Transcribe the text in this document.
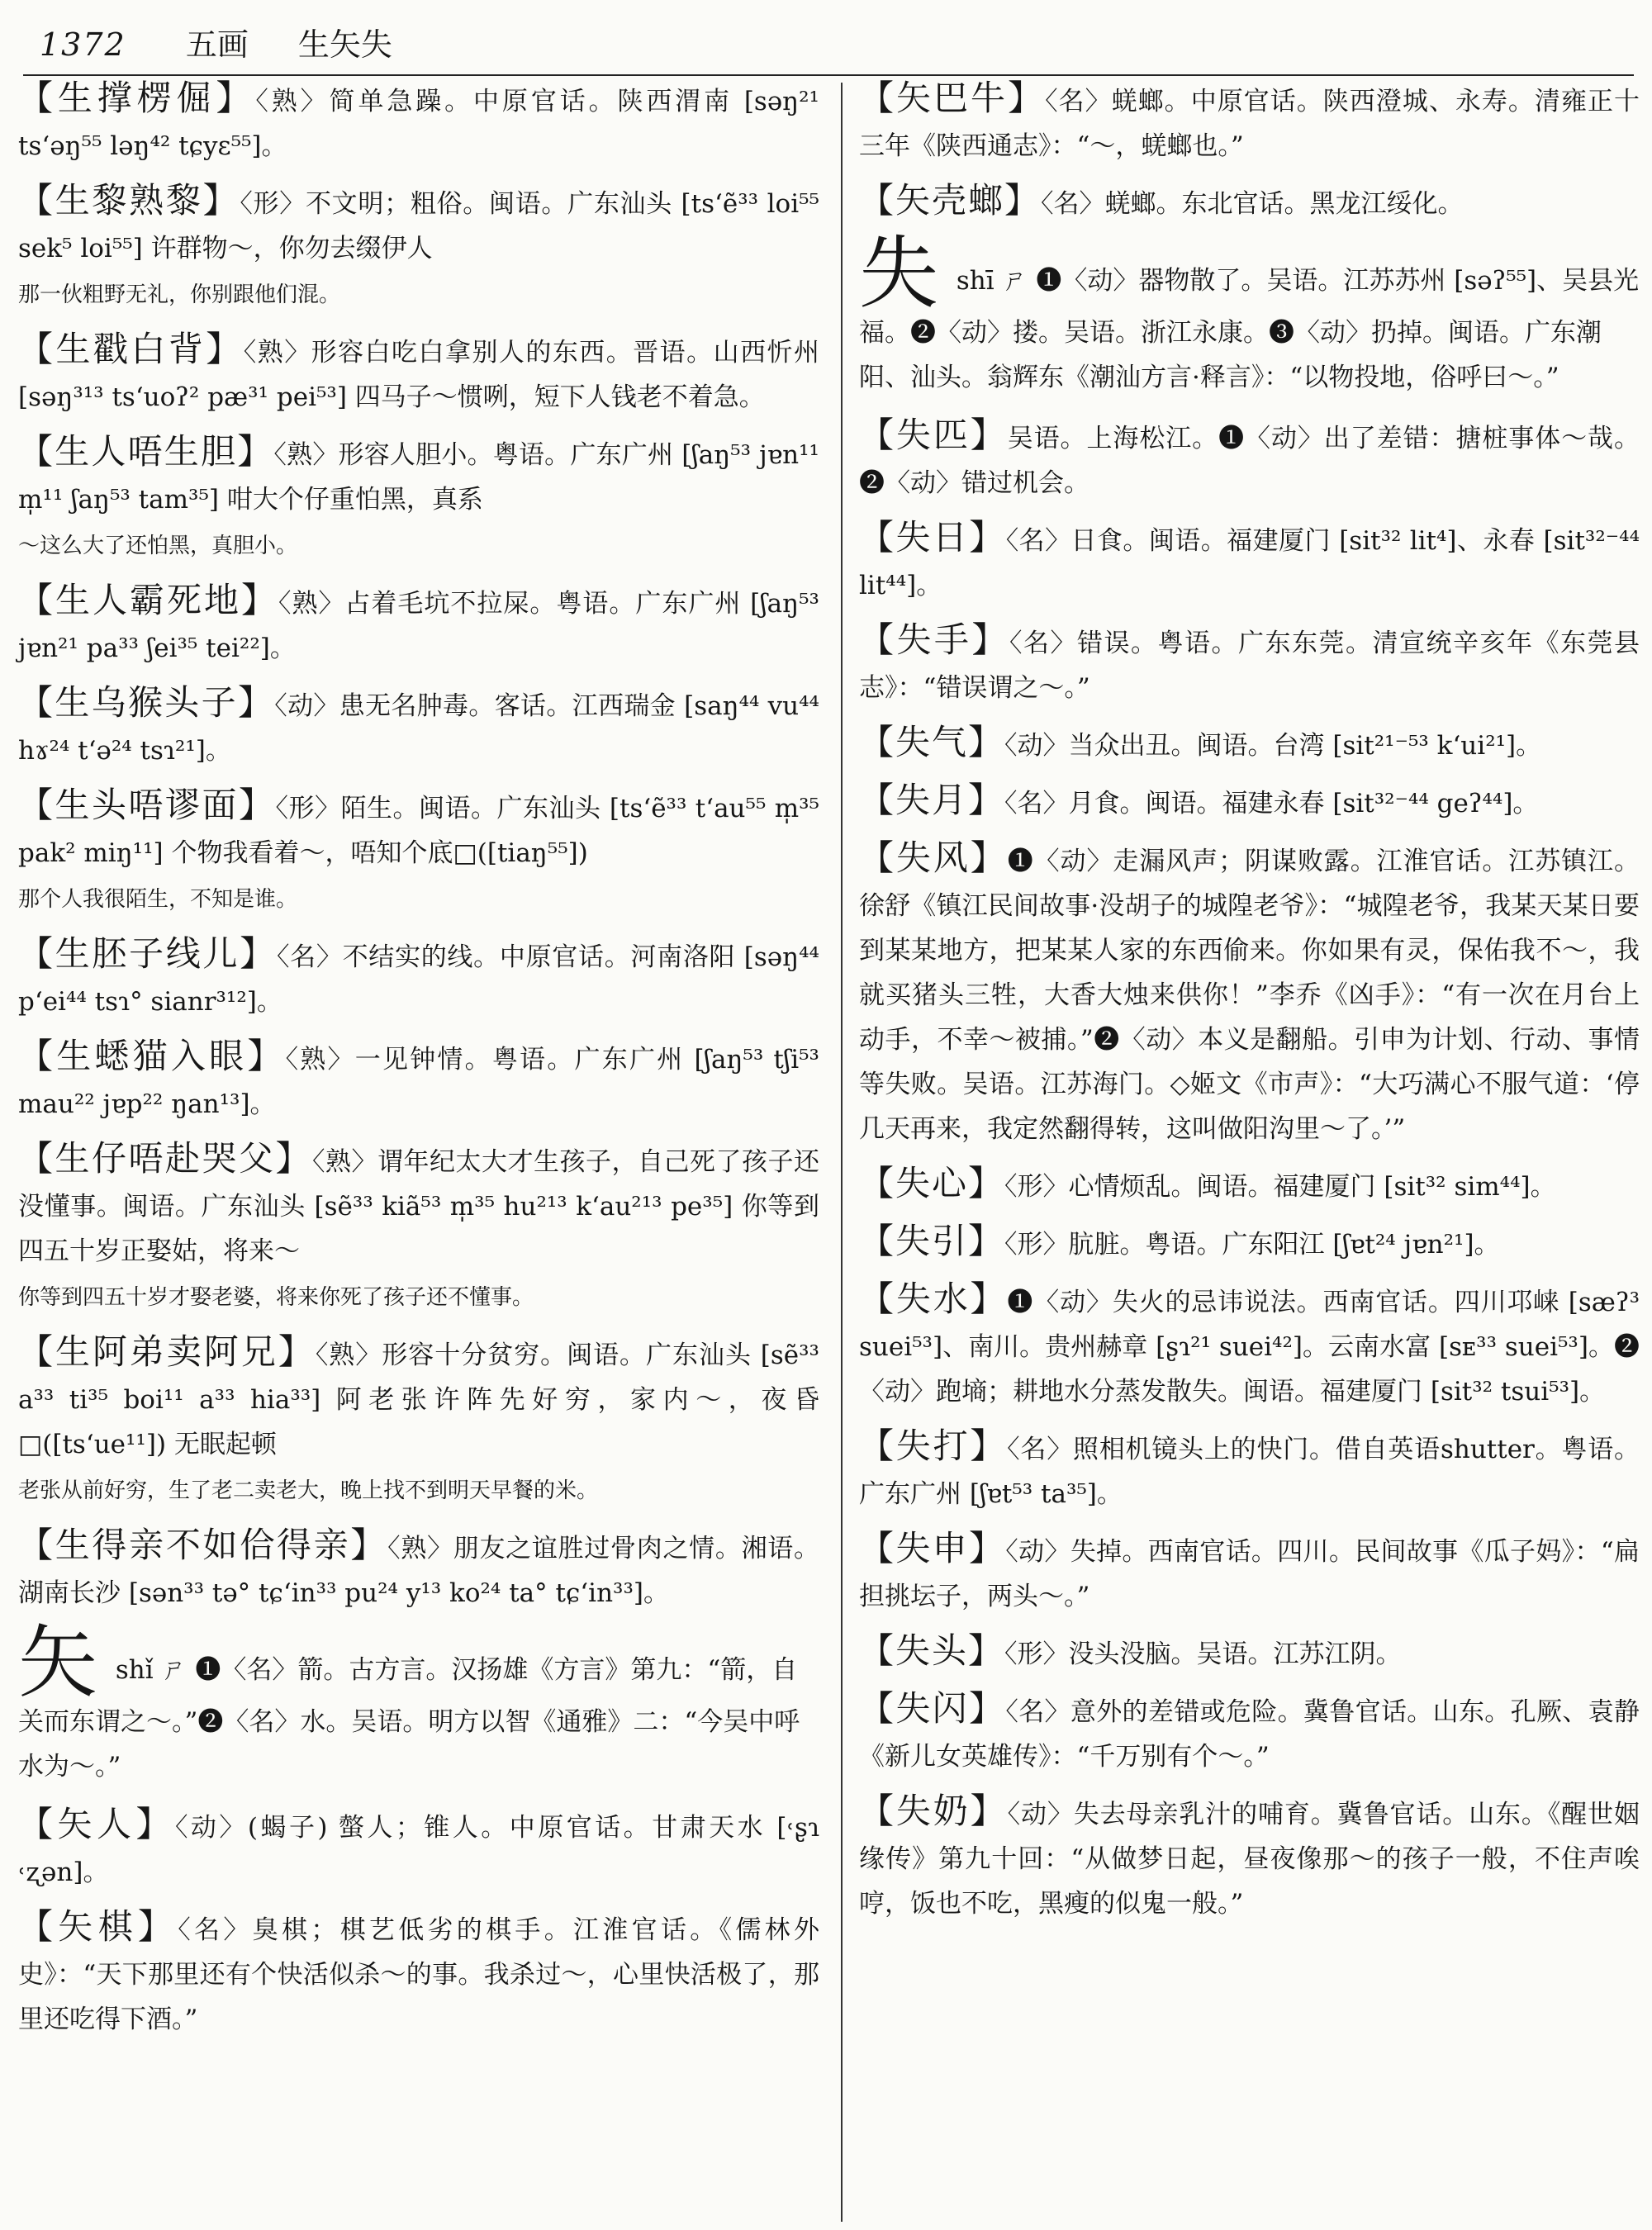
1372 五画 生矢失
【生撑楞倔】〈熟〉简单急躁。中原官话。陕西渭南 [səŋ²¹ tsʻəŋ⁵⁵ ləŋ⁴² tɕyɛ⁵⁵]。
【生黎熟黎】〈形〉不文明；粗俗。闽语。广东汕头 [tsʻẽ³³ loi⁵⁵ sek⁵ loi⁵⁵] 许群物～，你勿去缀伊人
那一伙粗野无礼，你别跟他们混。
【生戳白背】〈熟〉形容白吃白拿别人的东西。晋语。山西忻州 [səŋ³¹³ tsʻuoʔ² pæ³¹ pei⁵³] 四马子～惯咧，短下人钱老不着急。
【生人唔生胆】〈熟〉形容人胆小。粤语。广东广州 [ʃaŋ⁵³ jɐn¹¹ m̩¹¹ ʃaŋ⁵³ tam³⁵] 咁大个仔重怕黑，真系
～这么大了还怕黑，真胆小。
【生人霸死地】〈熟〉占着毛坑不拉屎。粤语。广东广州 [ʃaŋ⁵³ jɐn²¹ pa³³ ʃei³⁵ tei²²]。
【生乌猴头子】〈动〉患无名肿毒。客话。江西瑞金 [saŋ⁴⁴ vu⁴⁴ hɤ²⁴ tʻə²⁴ tsɿ²¹]。
【生头唔谬面】〈形〉陌生。闽语。广东汕头 [tsʻẽ³³ tʻau⁵⁵ m̩³⁵ pak² miŋ¹¹] 个物我看着～，唔知个底□([tiaŋ⁵⁵])
那个人我很陌生，不知是谁。
【生胚子线儿】〈名〉不结实的线。中原官话。河南洛阳 [səŋ⁴⁴ pʻei⁴⁴ tsɿ° sianr³¹²]。
【生蟋猫入眼】〈熟〉一见钟情。粤语。广东广州 [ʃaŋ⁵³ tʃi⁵³ mau²² jɐp²² ŋan¹³]。
【生仔唔赴哭父】〈熟〉谓年纪太大才生孩子，自己死了孩子还没懂事。闽语。广东汕头 [sẽ³³ kiã⁵³ m̩³⁵ hu²¹³ kʻau²¹³ pe³⁵] 你等到四五十岁正娶姑，将来～
你等到四五十岁才娶老婆，将来你死了孩子还不懂事。
【生阿弟卖阿兄】〈熟〉形容十分贫穷。闽语。广东汕头 [sẽ³³ a³³ ti³⁵ boi¹¹ a³³ hia³³] 阿老张许阵先好穷，家内～，夜昏□([tsʻue¹¹]) 无眠起顿
老张从前好穷，生了老二卖老大，晚上找不到明天早餐的米。
【生得亲不如佮得亲】〈熟〉朋友之谊胜过骨肉之情。湘语。湖南长沙 [sən³³ tə° tɕʻin³³ pu²⁴ y¹³ ko²⁴ ta° tɕʻin³³]。
矢 shǐ ㄕ ❶〈名〉箭。古方言。汉扬雄《方言》第九：“箭，自关而东谓之～。”❷〈名〉水。吴语。明方以智《通雅》二：“今吴中呼水为～。”
【矢人】〈动〉(蝎子) 螫人；锥人。中原官话。甘肃天水 [˓ʂɿ ˓ʐən]。
【矢棋】〈名〉臭棋；棋艺低劣的棋手。江淮官话。《儒林外史》：“天下那里还有个快活似杀～的事。我杀过～，心里快活极了，那里还吃得下酒。”
【矢巴牛】〈名〉蜣螂。中原官话。陕西澄城、永寿。清雍正十三年《陕西通志》：“～，蜣螂也。”
【矢壳螂】〈名〉蜣螂。东北官话。黑龙江绥化。
失 shī ㄕ ❶〈动〉器物散了。吴语。江苏苏州 [səʔ⁵⁵]、吴县光福。❷〈动〉搂。吴语。浙江永康。❸〈动〉扔掉。闽语。广东潮阳、汕头。翁辉东《潮汕方言·释言》：“以物投地，俗呼曰～。”
【失匹】吴语。上海松江。❶〈动〉出了差错：搪桩事体～哉。❷〈动〉错过机会。
【失日】〈名〉日食。闽语。福建厦门 [sit³² lit⁴]、永春 [sit³²⁻⁴⁴ lit⁴⁴]。
【失手】〈名〉错误。粤语。广东东莞。清宣统辛亥年《东莞县志》：“错误谓之～。”
【失气】〈动〉当众出丑。闽语。台湾 [sit²¹⁻⁵³ kʻui²¹]。
【失月】〈名〉月食。闽语。福建永春 [sit³²⁻⁴⁴ geʔ⁴⁴]。
【失风】❶〈动〉走漏风声；阴谋败露。江淮官话。江苏镇江。徐舒《镇江民间故事·没胡子的城隍老爷》：“城隍老爷，我某天某日要到某某地方，把某某人家的东西偷来。你如果有灵，保佑我不～，我就买猪头三牲，大香大烛来供你！”李乔《凶手》：“有一次在月台上动手，不幸～被捕。”❷〈动〉本义是翻船。引申为计划、行动、事情等失败。吴语。江苏海门。◇姬文《市声》：“大巧满心不服气道：‘停几天再来，我定然翻得转，这叫做阳沟里～了。’”
【失心】〈形〉心情烦乱。闽语。福建厦门 [sit³² sim⁴⁴]。
【失引】〈形〉肮脏。粤语。广东阳江 [ʃɐt²⁴ jɐn²¹]。
【失水】❶〈动〉失火的忌讳说法。西南官话。四川邛崃 [sæʔ³ suei⁵³]、南川。贵州赫章 [ʂɿ²¹ suei⁴²]。云南水富 [sᴇ³³ suei⁵³]。❷〈动〉跑墒；耕地水分蒸发散失。闽语。福建厦门 [sit³² tsui⁵³]。
【失打】〈名〉照相机镜头上的快门。借自英语shutter。粤语。广东广州 [ʃɐt⁵³ ta³⁵]。
【失申】〈动〉失掉。西南官话。四川。民间故事《瓜子妈》：“扁担挑坛子，两头～。”
【失头】〈形〉没头没脑。吴语。江苏江阴。
【失闪】〈名〉意外的差错或危险。冀鲁官话。山东。孔厥、袁静《新儿女英雄传》：“千万别有个～。”
【失奶】〈动〉失去母亲乳汁的哺育。冀鲁官话。山东。《醒世姻缘传》第九十回：“从做梦日起，昼夜像那～的孩子一般，不住声唉哼，饭也不吃，黑瘦的似鬼一般。”
